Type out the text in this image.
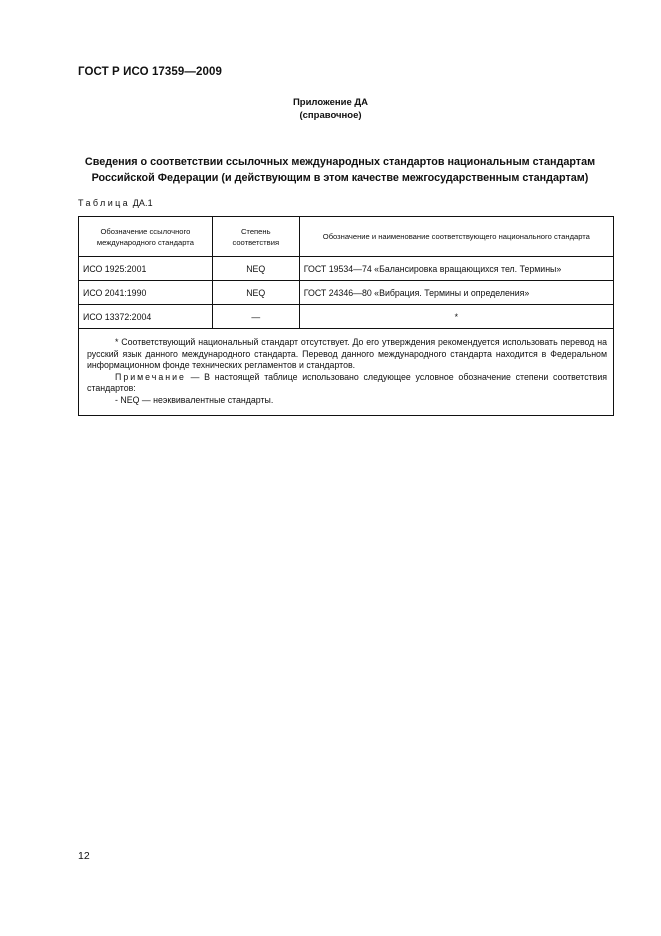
ГОСТ Р ИСО 17359—2009
Приложение ДА
(справочное)
Сведения о соответствии ссылочных международных стандартов национальным стандартам
Российской Федерации (и действующим в этом качестве межгосударственным стандартам)
Таблица ДА.1
Обозначение ссылочного международного стандарта	Степень соответствия	Обозначение и наименование соответствующего национального стандарта
ИСО 1925:2001	NEQ	ГОСТ 19534—74 «Балансировка вращающихся тел. Термины»
ИСО 2041:1990	NEQ	ГОСТ 24346—80 «Вибрация. Термины и определения»
ИСО 13372:2004	—	*

* Соответствующий национальный стандарт отсутствует. До его утверждения рекомендуется использовать перевод на русский язык данного международного стандарта. Перевод данного международного стандарта находится в Федеральном информационном фонде технических регламентов и стандартов.

Примечание — В настоящей таблице использовано следующее условное обозначение степени соответствия стандартов:

- NEQ — неэквивалентные стандарты.		

12
